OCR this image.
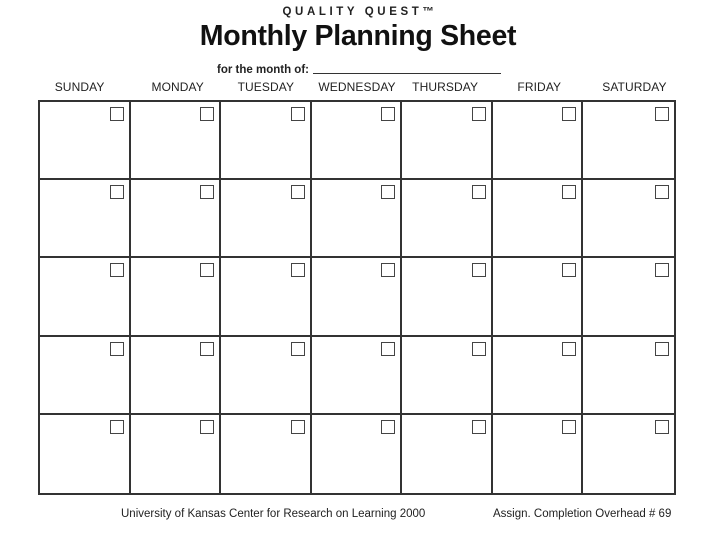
QUALITY QUEST™
Monthly Planning Sheet
for the month of:
SUNDAY	MONDAY	TUESDAY	WEDNESDAY	THURSDAY	FRIDAY	SATURDAY
University of Kansas Center for Research on Learning 2000	Assign. Completion Overhead # 69
